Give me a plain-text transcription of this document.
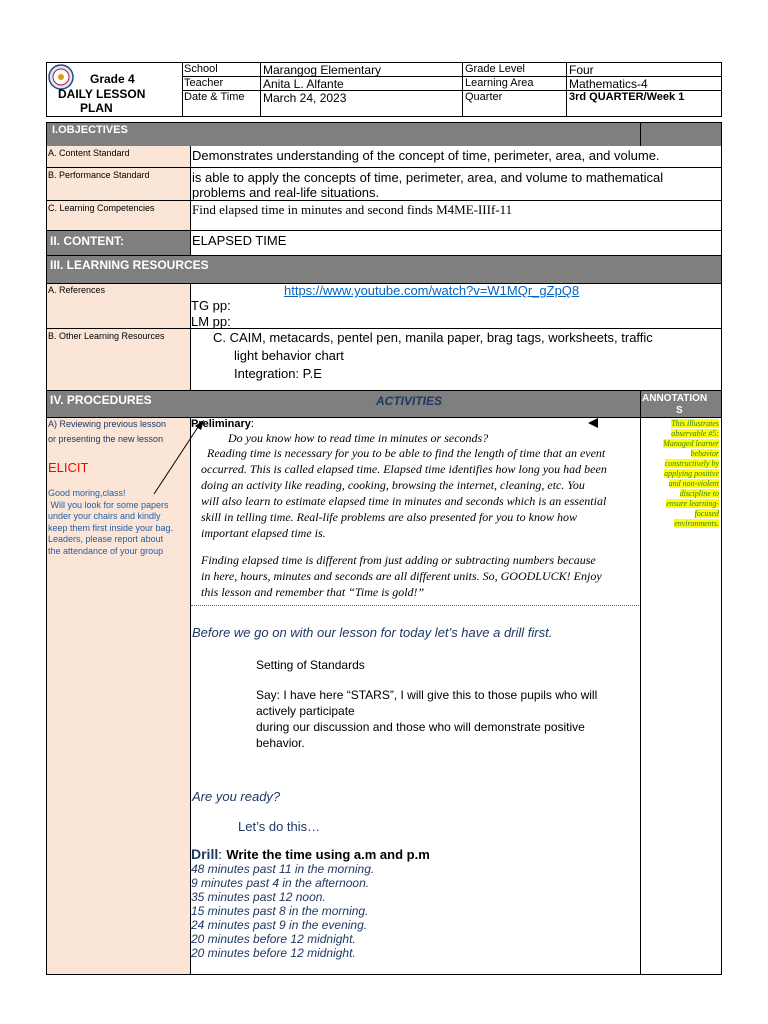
Grade 4
DAILY LESSON
PLAN
School	Marangog Elementary	Grade Level	Four
Teacher	Anita L. Alfante	Learning Area	Mathematics-4
Date & Time March 24, 2023	Quarter	3rd QUARTER/Week 1
I.OBJECTIVES
A. Content Standard	Demonstrates understanding of the concept of time, perimeter, area, and volume.
B. Performance Standard	is able to apply the concepts of time, perimeter, area, and volume to mathematical
problems and real-life situations.
C. Learning Competencies	Find elapsed time in minutes and second finds M4ME-IIIf-11
II. CONTENT:	ELAPSED TIME
III. LEARNING RESOURCES
A. References	https://www.youtube.com/watch?v=W1MQr_gZpQ8
TG pp:
LM pp:
B. Other Learning Resources	C. CAIM, metacards, pentel pen, manila paper, brag tags, worksheets, traffic
light behavior chart
Integration: P.E
IV. PROCEDURES	ACTIVITIES	ANNOTATION
S
A) Reviewing previous lesson
or presenting the new lesson
ELICIT
Good moring,class!
Will you look for some papers
under your chairs and kindly
keep them first inside your bag.
Leaders, please report about
the attendance of your group
Preliminary:
Do you know how to read time in minutes or seconds?
Reading time is necessary for you to be able to find the length of time that an event
occurred. This is called elapsed time. Elapsed time identifies how long you had been
doing an activity like reading, cooking, browsing the internet, cleaning, etc. You
will also learn to estimate elapsed time in minutes and seconds which is an essential
skill in telling time. Real-life problems are also presented for you to know how
important elapsed time is.
Finding elapsed time is different from just adding or subtracting numbers because
in here, hours, minutes and seconds are all different units. So, GOODLUCK! Enjoy
this lesson and remember that “Time is gold!”
Before we go on with our lesson for today let’s have a drill first.
Setting of Standards
Say: I have here “STARS”, I will give this to those pupils who will
actively participate
during our discussion and those who will demonstrate positive
behavior.
Are you ready?
Let’s do this…
Drill: Write the time using a.m and p.m
48 minutes past 11 in the morning.
9 minutes past 4 in the afternoon.
35 minutes past 12 noon.
15 minutes past 8 in the morning.
24 minutes past 9 in the evening.
20 minutes before 12 midnight.
20 minutes before 12 midnight.
This illustrates
observable #5:
Managed learner
behavior
constructively by
applying positive
and non-violent
discipline to
ensure learning-
focused
environments.
